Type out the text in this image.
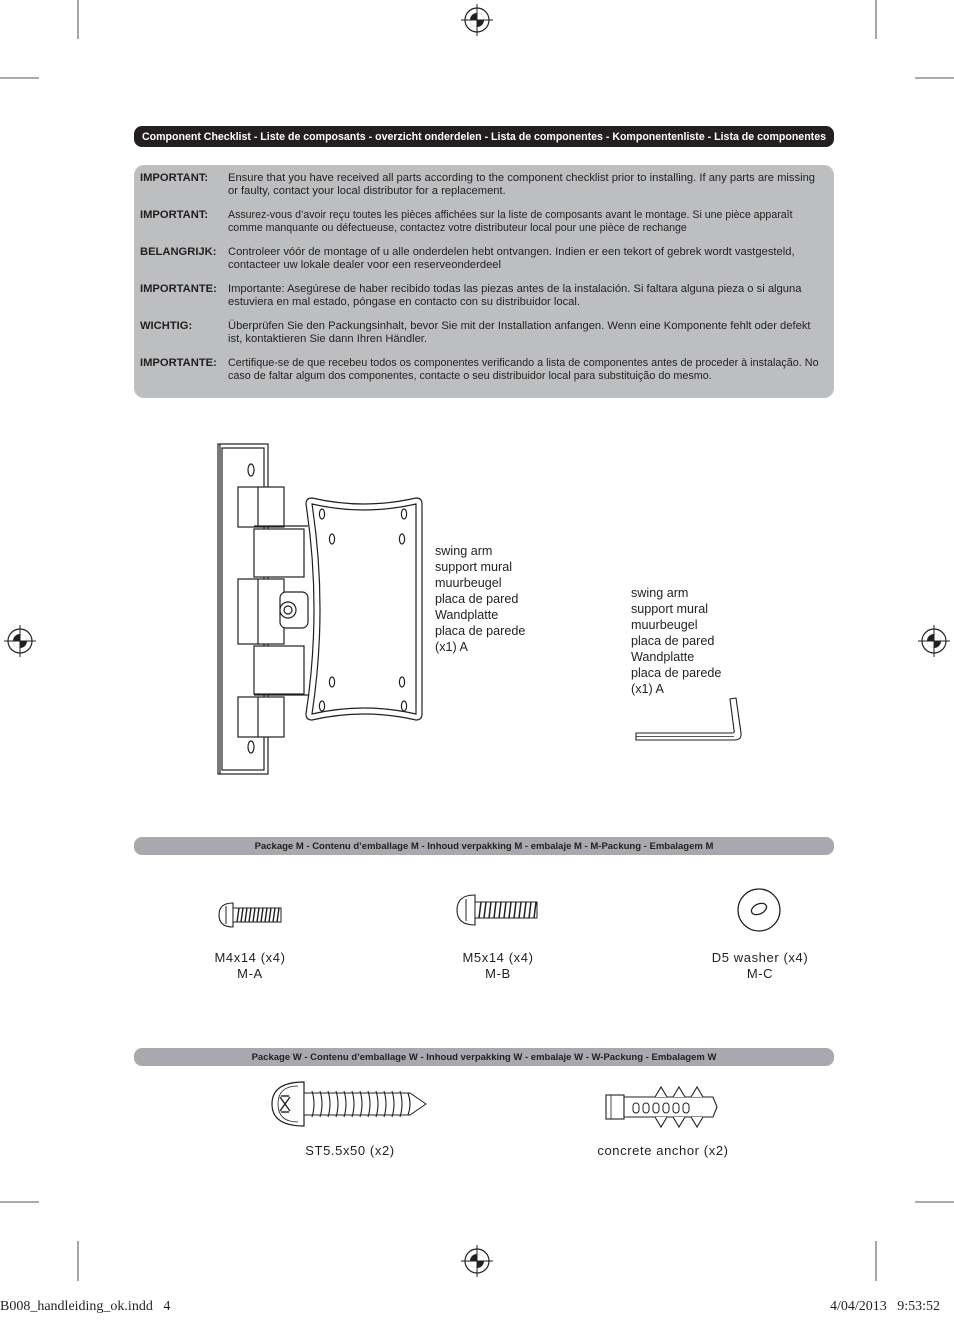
Component Checklist - Liste de composants - overzicht onderdelen - Lista de componentes - Komponentenliste - Lista de componentes
IMPORTANT:	Ensure that you have received all parts according to the component checklist prior to installing. If any parts are missing or faulty, contact your local distributor for a replacement.
IMPORTANT:	Assurez-vous d’avoir reçu toutes les pièces affichées sur la liste de composants avant le montage. Si une pièce apparaît comme manquante ou défectueuse, contactez votre distributeur local pour une pièce de rechange
BELANGRIJK:	Controleer vóór de montage of u alle onderdelen hebt ontvangen. Indien er een tekort of gebrek wordt vastgesteld, contacteer uw lokale dealer voor een reserveonderdeel
IMPORTANTE: Importante: Asegúrese de haber recibido todas las piezas antes de la instalación. Si faltara alguna pieza o si alguna estuviera en mal estado, póngase en contacto con su distribuidor local.
WICHTIG:	Überprüfen Sie den Packungsinhalt, bevor Sie mit der Installation anfangen. Wenn eine Komponente fehlt oder defekt ist, kontaktieren Sie dann Ihren Händler.
IMPORTANTE:	Certifique-se de que recebeu todos os componentes verificando a lista de componentes antes de proceder à instalação. No caso de faltar algum dos componentes, contacte o seu distribuidor local para substituição do mesmo.
swing arm
support mural
muurbeugel
placa de pared
Wandplatte
placa de parede
(x1) A
swing arm
support mural
muurbeugel
placa de pared
Wandplatte
placa de parede
(x1) A
Package M - Contenu d’emballage M - Inhoud verpakking M - embalaje M - M-Packung - Embalagem M
M4x14 (x4)
M-A
M5x14 (x4)
M-B
D5 washer (x4)
M-C
Package W - Contenu d’emballage W - Inhoud verpakking W - embalaje W - W-Packung - Embalagem W
ST5.5x50 (x2)	concrete anchor (x2)
B008_handleiding_ok.indd   4	4/04/2013   9:53:52
